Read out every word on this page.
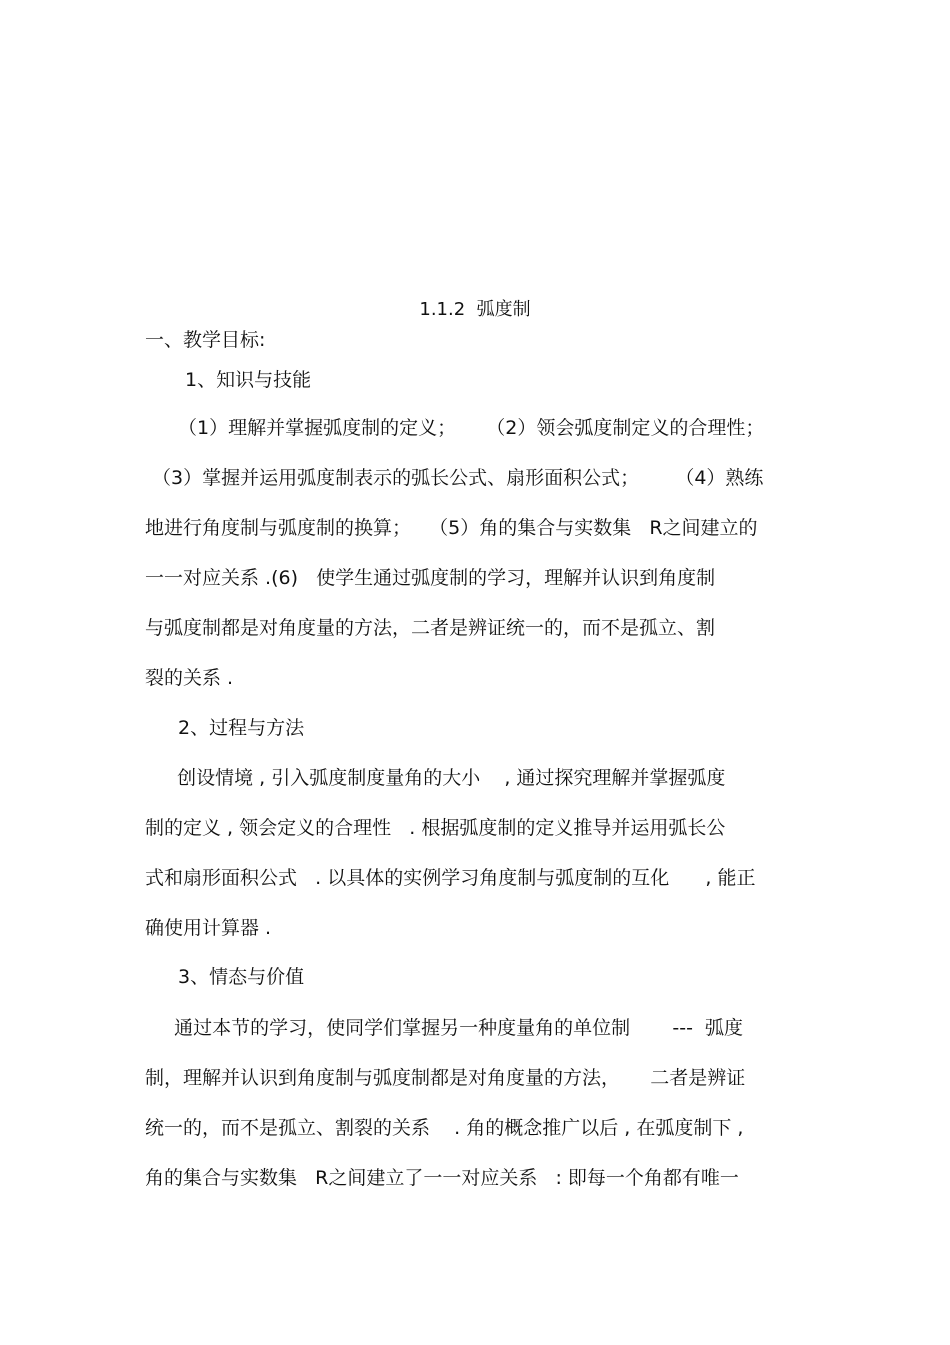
1.1.2  弧度制
一、教学目标:
1、知识与技能
（1）理解并掌握弧度制的定义；     （2）领会弧度制定义的合理性；
（3）掌握并运用弧度制表示的弧长公式、扇形面积公式；      （4）熟练
地进行角度制与弧度制的换算；   （5）角的集合与实数集   R之间建立的
一一对应关系 .(6)   使学生通过弧度制的学习，理解并认识到角度制
与弧度制都是对角度量的方法，二者是辨证统一的，而不是孤立、割
裂的关系 .
2、过程与方法
创设情境 , 引入弧度制度量角的大小    , 通过探究理解并掌握弧度
制的定义 , 领会定义的合理性   . 根据弧度制的定义推导并运用弧长公
式和扇形面积公式   . 以具体的实例学习角度制与弧度制的互化      , 能正
确使用计算器 .
3、情态与价值
通过本节的学习，使同学们掌握另一种度量角的单位制       ---  弧度
制，理解并认识到角度制与弧度制都是对角度量的方法，     二者是辨证
统一的，而不是孤立、割裂的关系    . 角的概念推广以后 , 在弧度制下 ,
角的集合与实数集   R之间建立了一一对应关系   : 即每一个角都有唯一
